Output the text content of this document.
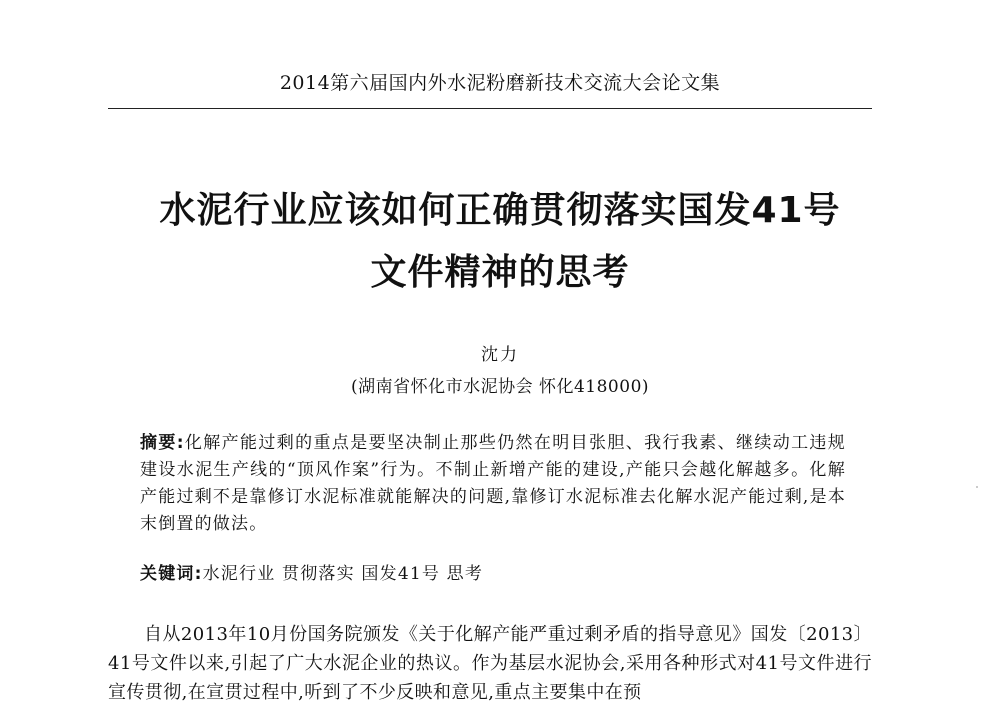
2014第六届国内外水泥粉磨新技术交流大会论文集
水泥行业应该如何正确贯彻落实国发41号
文件精神的思考
沈力
(湖南省怀化市水泥协会 怀化418000)
摘要:化解产能过剩的重点是要坚决制止那些仍然在明目张胆、我行我素、继续动工违规建设水泥生产线的“顶风作案”行为。不制止新增产能的建设,产能只会越化解越多。化解产能过剩不是靠修订水泥标准就能解决的问题,靠修订水泥标准去化解水泥产能过剩,是本末倒置的做法。
关键词:水泥行业 贯彻落实 国发41号 思考
自从2013年10月份国务院颁发《关于化解产能严重过剩矛盾的指导意见》国发〔2013〕41号文件以来,引起了广大水泥企业的热议。作为基层水泥协会,采用各种形式对41号文件进行宣传贯彻,在宣贯过程中,听到了不少反映和意见,重点主要集中在预
